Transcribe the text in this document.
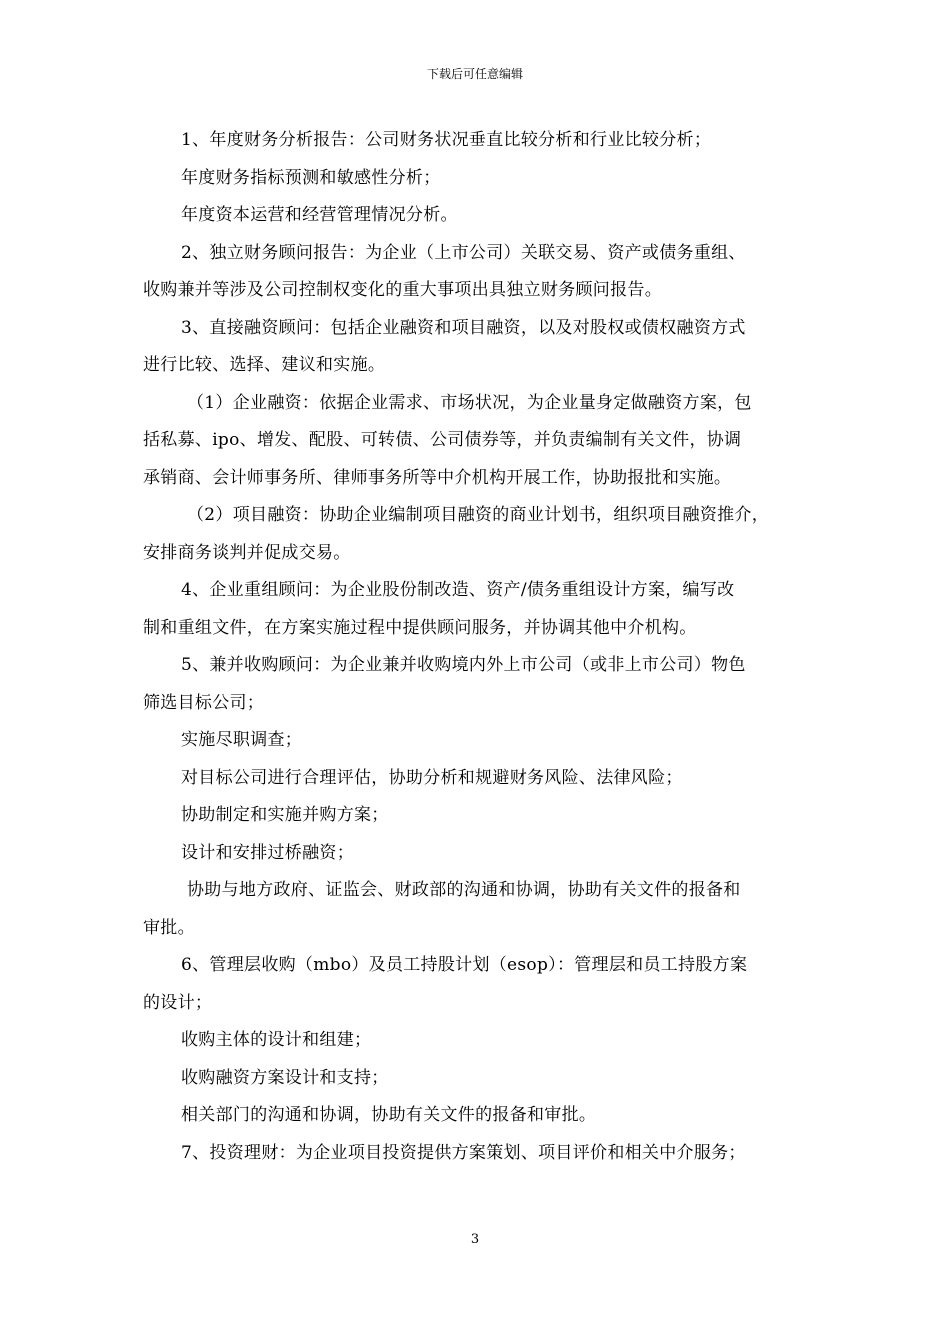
下载后可任意编辑
1、年度财务分析报告：公司财务状况垂直比较分析和行业比较分析；
年度财务指标预测和敏感性分析；
年度资本运营和经营管理情况分析。
2、独立财务顾问报告：为企业（上市公司）关联交易、资产或债务重组、
收购兼并等涉及公司控制权变化的重大事项出具独立财务顾问报告。
3、直接融资顾问：包括企业融资和项目融资，以及对股权或债权融资方式
进行比较、选择、建议和实施。
（1）企业融资：依据企业需求、市场状况，为企业量身定做融资方案，包
括私募、ipo、增发、配股、可转债、公司债券等，并负责编制有关文件，协调
承销商、会计师事务所、律师事务所等中介机构开展工作，协助报批和实施。
（2）项目融资：协助企业编制项目融资的商业计划书，组织项目融资推介，
安排商务谈判并促成交易。
4、企业重组顾问：为企业股份制改造、资产/债务重组设计方案，编写改
制和重组文件，在方案实施过程中提供顾问服务，并协调其他中介机构。
5、兼并收购顾问：为企业兼并收购境内外上市公司（或非上市公司）物色
筛选目标公司；
实施尽职调查；
对目标公司进行合理评估，协助分析和规避财务风险、法律风险；
协助制定和实施并购方案；
设计和安排过桥融资；
协助与地方政府、证监会、财政部的沟通和协调，协助有关文件的报备和
审批。
6、管理层收购（mbo）及员工持股计划（esop）：管理层和员工持股方案
的设计；
收购主体的设计和组建；
收购融资方案设计和支持；
相关部门的沟通和协调，协助有关文件的报备和审批。
7、投资理财：为企业项目投资提供方案策划、项目评价和相关中介服务；
3
